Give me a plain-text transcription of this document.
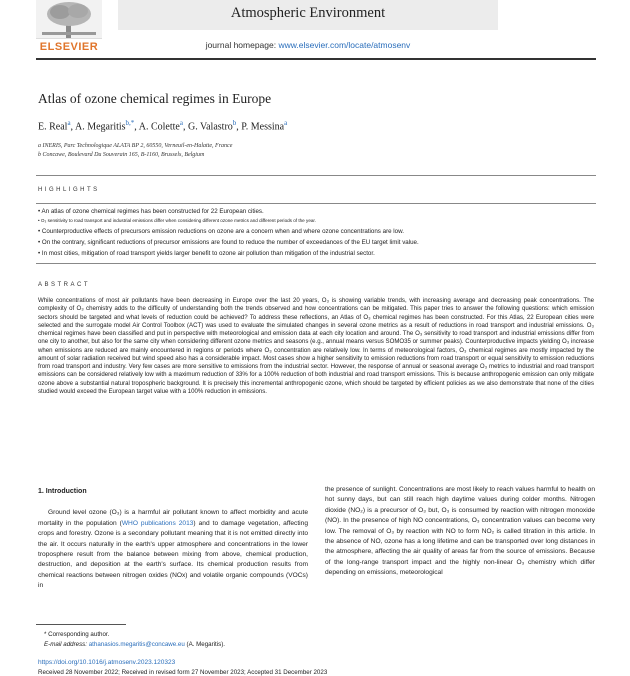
ELSEVIER
Atmospheric Environment
journal homepage: www.elsevier.com/locate/atmosenv
Atlas of ozone chemical regimes in Europe
E. Real$^a$, A. Megaritis$^{b,*}$, A. Colette$^a$, G. Valastro$^b$, P. Messina$^a$
a INERIS, Parc Technologique ALATA BP 2, 60550, Verneuil-en-Halatte, France
b Concawe, Boulevard Du Souverain 165, B-1160, Brussels, Belgium
HIGHLIGHTS
• An atlas of ozone chemical regimes has been constructed for 22 European cities.
• O₃ sensitivity to road transport and industrial emissions differ when considering different ozone metrics and different periods of the year.
• Counterproductive effects of precursors emission reductions on ozone are a concern when and where ozone concentrations are low.
• On the contrary, significant reductions of precursor emissions are found to reduce the number of exceedances of the EU target limit value.
• In most cities, mitigation of road transport yields larger benefit to ozone air pollution than mitigation of the industrial sector.
ABSTRACT
While concentrations of most air pollutants have been decreasing in Europe over the last 20 years, O₃ is showing variable trends, with increasing average and decreasing peak concentrations. The complexity of O₃ chemistry adds to the difficulty of understanding both the trends observed and how concentrations can be mitigated. This paper tries to answer the following questions: which emission sectors should be targeted and what levels of reduction could be achieved? To address these reflections, an Atlas of O₃ chemical regimes has been constructed. For this Atlas, 22 European cities were selected and the surrogate model Air Control Toolbox (ACT) was used to evaluate the simulated changes in several ozone metrics as a result of reductions in road transport and industrial emissions. O₃ chemical regimes have been classified and put in perspective with meteorological and emission data at each city location and around. The O₃ sensitivity to road transport and industrial emissions differ from one city to another, but also for the same city when considering different ozone metrics and seasons (e.g., annual means versus SOMO35 or summer peaks). Counterproductive impacts yielding O₃ increase when emissions are reduced are mainly encountered in regions or periods where O₃ concentration are relatively low. In terms of meteorological factors, O₃ chemical regimes are mostly impacted by the amount of solar radiation received but wind speed also has a considerable impact. Most cases show a higher sensitivity to emission reductions from road transport or equal sensitivity to emission reductions from road transport and industry. Very few cases are more sensitive to emissions from the industrial sector. However, the response of annual or seasonal average O₃ metrics to industrial and road transport emissions can be considered relatively low with a maximum reduction of 33% for a 100% reduction of both industrial and road transport emissions. This is because anthropogenic emission can only mitigate ozone above a substantial natural tropospheric background. It is precisely this incremental anthropogenic ozone, which should be targeted by efficient policies as we also demonstrate that none of the cities studied would exceed the European target value with a 100% reduction in emissions.
1. Introduction

Ground level ozone (O₃) is a harmful air pollutant known to affect morbidity and acute mortality in the population (WHO publications 2013) and to damage vegetation, affecting crops and forestry. Ozone is a secondary pollutant meaning that it is not emitted directly into the air. It occurs naturally in the earth's upper atmosphere and concentrations in the lower troposphere result from the balance between mixing from above, chemical production, destruction, and deposition at the earth's surface. Its chemical production results from chemical reactions between nitrogen oxides (NOx) and volatile organic compounds (VOCs) in

the presence of sunlight. Concentrations are most likely to reach values harmful to health on hot sunny days, but can still reach high daytime values during colder months. Nitrogen dioxide (NO₂) is a precursor of O₃ but, O₃ is consumed by reaction with nitrogen monoxide (NO). In the presence of high NO concentrations, O₃ concentration values can become very low. The removal of O₃ by reaction with NO to form NO₂ is called titration in this article. In the absence of NO, ozone has a long lifetime and can be transported over long distances in the atmosphere, affecting the air quality of areas far from the source of emissions. Because of the long-range transport impact and the highly non-linear O₃ chemistry which differ depending on emissions, meteorological

* Corresponding author.
E-mail address: athanasios.megaritis@concawe.eu (A. Megaritis).
https://doi.org/10.1016/j.atmosenv.2023.120323
Received 28 November 2022; Received in revised form 27 November 2023; Accepted 31 December 2023
